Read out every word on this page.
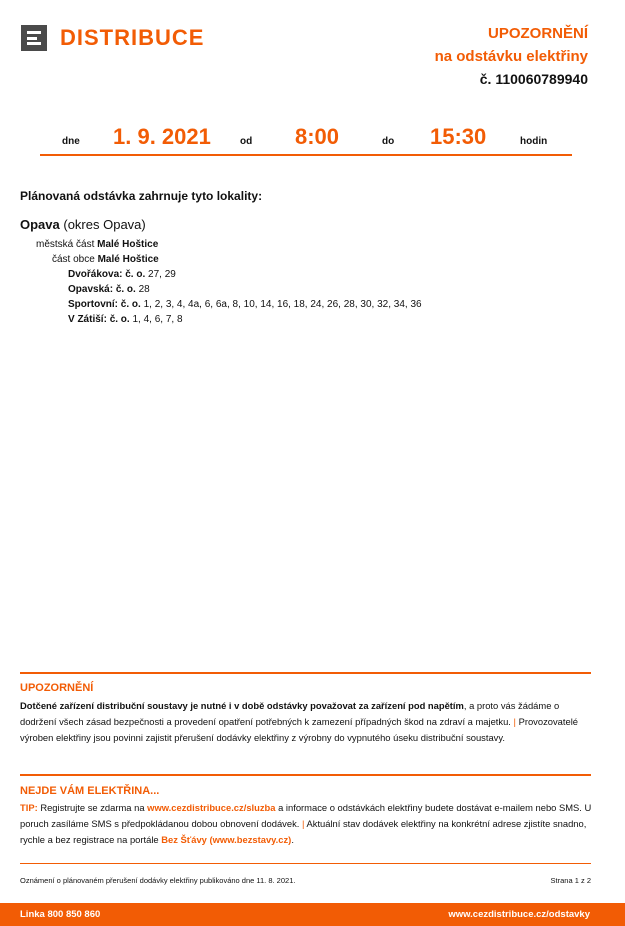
DISTRIBUCE	UPOZORNĚNÍ
na odstávku elektřiny
č. 110060789940
dne 1. 9. 2021	od 8:00	do 15:30	hodin
Plánovaná odstávka zahrnuje tyto lokality:
Opava (okres Opava)
městská část Malé Hoštice
část obce Malé Hoštice
Dvořákova: č. o. 27, 29
Opavská: č. o. 28
Sportovní: č. o. 1, 2, 3, 4, 4a, 6, 6a, 8, 10, 14, 16, 18, 24, 26, 28, 30, 32, 34, 36
V Zátiší: č. o. 1, 4, 6, 7, 8
UPOZORNĚNÍ
Dotčené zařízení distribuční soustavy je nutné i v době odstávky považovat za zařízení pod napětím, a proto vás žádáme o dodržení všech zásad bezpečnosti a provedení opatření potřebných k zamezení případných škod na zdraví a majetku. | Provozovatelé výroben elektřiny jsou povinni zajistit přerušení dodávky elektřiny z výrobny do vypnutého úseku distribuční soustavy.
NEJDE VÁM ELEKTŘINA...
TIP: Registrujte se zdarma na www.cezdistribuce.cz/sluzba a informace o odstávkách elektřiny budete dostávat e-mailem nebo SMS. U poruch zasíláme SMS s předpokládanou dobou obnovení dodávek. | Aktuální stav dodávek elektřiny na konkrétní adrese zjistíte snadno, rychle a bez registrace na portále Bez Šťávy (www.bezstavy.cz).
Oznámení o plánovaném přerušení dodávky elektřiny publikováno dne 11. 8. 2021.	Strana 1 z 2
Linka 800 850 860	www.cezdistribuce.cz/odstavky
